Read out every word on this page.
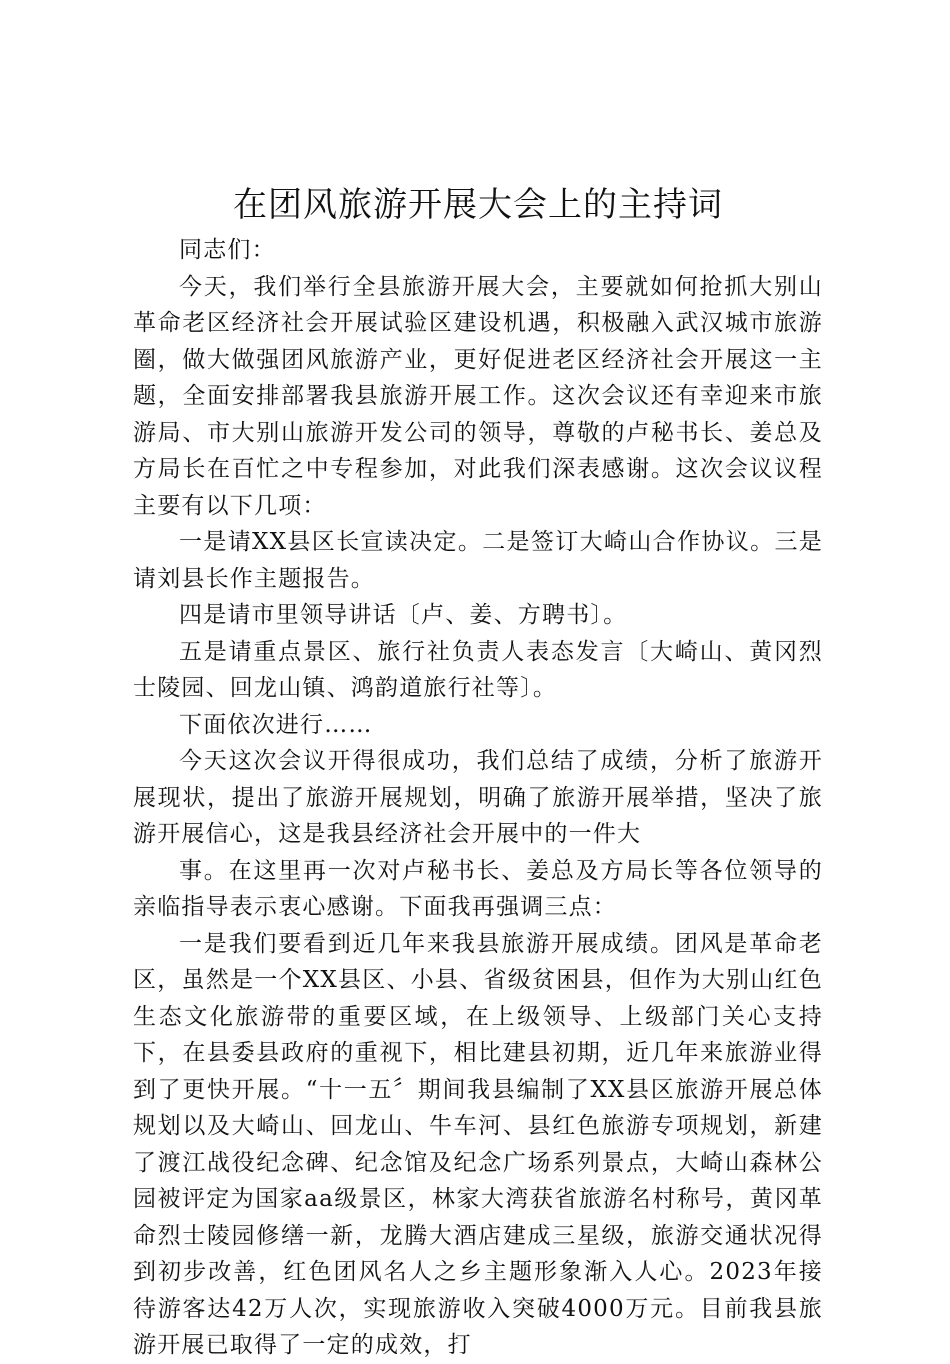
在团风旅游开展大会上的主持词

同志们：

今天，我们举行全县旅游开展大会，主要就如何抢抓大别山革命老区经济社会开展试验区建设机遇，积极融入武汉城市旅游圈，做大做强团风旅游产业，更好促进老区经济社会开展这一主题，全面安排部署我县旅游开展工作。这次会议还有幸迎来市旅游局、市大别山旅游开发公司的领导，尊敬的卢秘书长、姜总及方局长在百忙之中专程参加，对此我们深表感谢。这次会议议程主要有以下几项：

一是请XX县区长宣读决定。二是签订大崎山合作协议。三是请刘县长作主题报告。

四是请市里领导讲话〔卢、姜、方聘书〕。

五是请重点景区、旅行社负责人表态发言〔大崎山、黄冈烈士陵园、回龙山镇、鸿韵道旅行社等〕。

下面依次进行……

今天这次会议开得很成功，我们总结了成绩，分析了旅游开展现状，提出了旅游开展规划，明确了旅游开展举措，坚决了旅游开展信心，这是我县经济社会开展中的一件大

事。在这里再一次对卢秘书长、姜总及方局长等各位领导的亲临指导表示衷心感谢。下面我再强调三点：

一是我们要看到近几年来我县旅游开展成绩。团风是革命老区，虽然是一个XX县区、小县、省级贫困县，但作为大别山红色生态文化旅游带的重要区域，在上级领导、上级部门关心支持下，在县委县政府的重视下，相比建县初期，近几年来旅游业得到了更快开展。“十一五〞期间我县编制了XX县区旅游开展总体规划以及大崎山、回龙山、牛车河、县红色旅游专项规划，新建了渡江战役纪念碑、纪念馆及纪念广场系列景点，大崎山森林公园被评定为国家aa级景区，林家大湾获省旅游名村称号，黄冈革命烈士陵园修缮一新，龙腾大酒店建成三星级，旅游交通状况得到初步改善，红色团风名人之乡主题形象渐入人心。2023年接待游客达42万人次，实现旅游收入突破4000万元。目前我县旅游开展已取得了一定的成效，打
